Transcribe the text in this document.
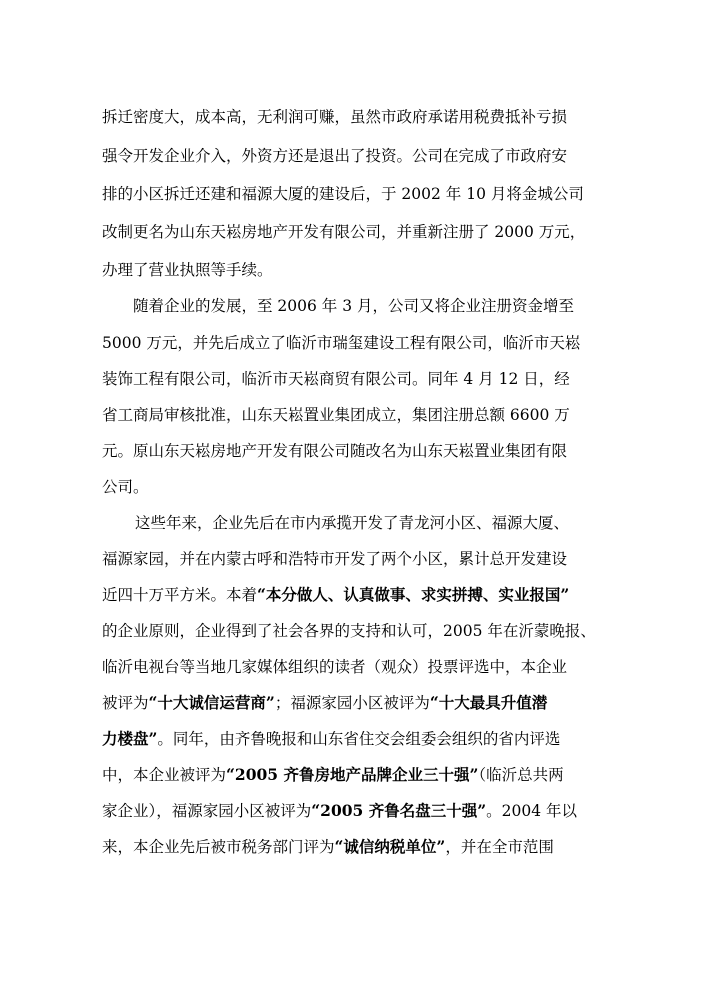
拆迁密度大，成本高，无利润可赚，虽然市政府承诺用税费抵补亏损
强令开发企业介入，外资方还是退出了投资。公司在完成了市政府安
排的小区拆迁还建和福源大厦的建设后，于 2002 年 10 月将金城公司
改制更名为山东天崧房地产开发有限公司，并重新注册了 2000 万元，
办理了营业执照等手续。
随着企业的发展，至 2006 年 3 月，公司又将企业注册资金增至
5000 万元，并先后成立了临沂市瑞玺建设工程有限公司，临沂市天崧
装饰工程有限公司，临沂市天崧商贸有限公司。同年 4 月 12 日，经
省工商局审核批准，山东天崧置业集团成立，集团注册总额 6600 万
元。原山东天崧房地产开发有限公司随改名为山东天崧置业集团有限
公司。
这些年来，企业先后在市内承揽开发了青龙河小区、福源大厦、
福源家园，并在内蒙古呼和浩特市开发了两个小区，累计总开发建设
近四十万平方米。本着“本分做人、认真做事、求实拼搏、实业报国”
的企业原则，企业得到了社会各界的支持和认可，2005 年在沂蒙晚报、
临沂电视台等当地几家媒体组织的读者（观众）投票评选中，本企业
被评为“十大诚信运营商”；福源家园小区被评为“十大最具升值潜
力楼盘”。同年，由齐鲁晚报和山东省住交会组委会组织的省内评选
中，本企业被评为“2005 齐鲁房地产品牌企业三十强”（临沂总共两
家企业），福源家园小区被评为“2005 齐鲁名盘三十强”。2004 年以
来，本企业先后被市税务部门评为“诚信纳税单位”，并在全市范围
